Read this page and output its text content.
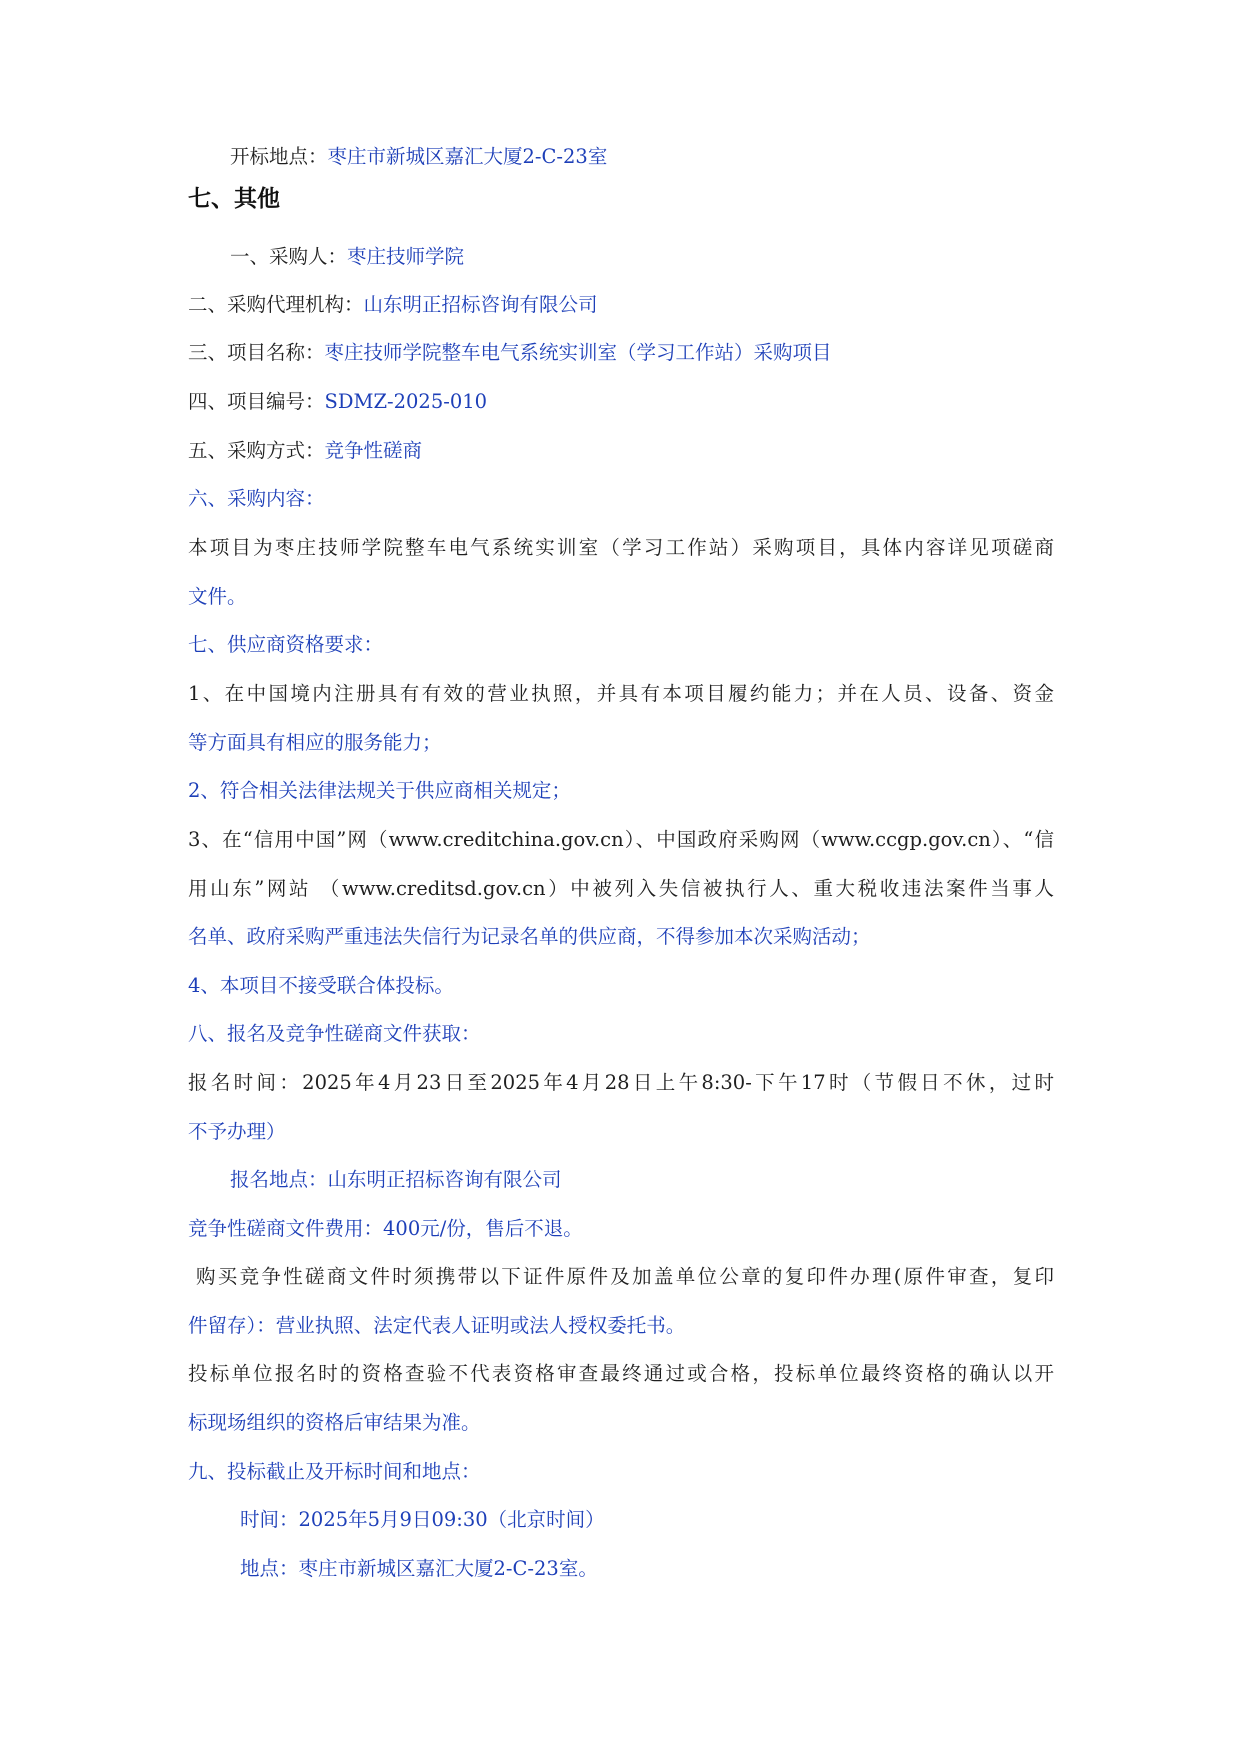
开标地点：枣庄市新城区嘉汇大厦2-C-23室
七、其他
一、采购人：枣庄技师学院
二、采购代理机构：山东明正招标咨询有限公司
三、项目名称：枣庄技师学院整车电气系统实训室（学习工作站）采购项目
四、项目编号：SDMZ-2025-010
五、采购方式：竞争性磋商
六、采购内容：
本项目为枣庄技师学院整车电气系统实训室（学习工作站）采购项目，具体内容详见项磋商
文件。
七、供应商资格要求：
1、在中国境内注册具有有效的营业执照，并具有本项目履约能力；并在人员、设备、资金
等方面具有相应的服务能力；
2、符合相关法律法规关于供应商相关规定；
3、在“信用中国”网（www.creditchina.gov.cn）、中国政府采购网（www.ccgp.gov.cn）、“信
用山东”网站 （www.creditsd.gov.cn）中被列入失信被执行人、重大税收违法案件当事人
名单、政府采购严重违法失信行为记录名单的供应商，不得参加本次采购活动；
4、本项目不接受联合体投标。
八、报名及竞争性磋商文件获取：
报名时间：2025年4月23日至2025年4月28日上午8:30-下午17时（节假日不休，过时
不予办理）
报名地点：山东明正招标咨询有限公司
竞争性磋商文件费用：400元/份，售后不退。
购买竞争性磋商文件时须携带以下证件原件及加盖单位公章的复印件办理(原件审查，复印
件留存）：营业执照、法定代表人证明或法人授权委托书。
投标单位报名时的资格查验不代表资格审查最终通过或合格，投标单位最终资格的确认以开
标现场组织的资格后审结果为准。
九、投标截止及开标时间和地点：
时间：2025年5月9日09:30（北京时间）
地点：枣庄市新城区嘉汇大厦2-C-23室。
